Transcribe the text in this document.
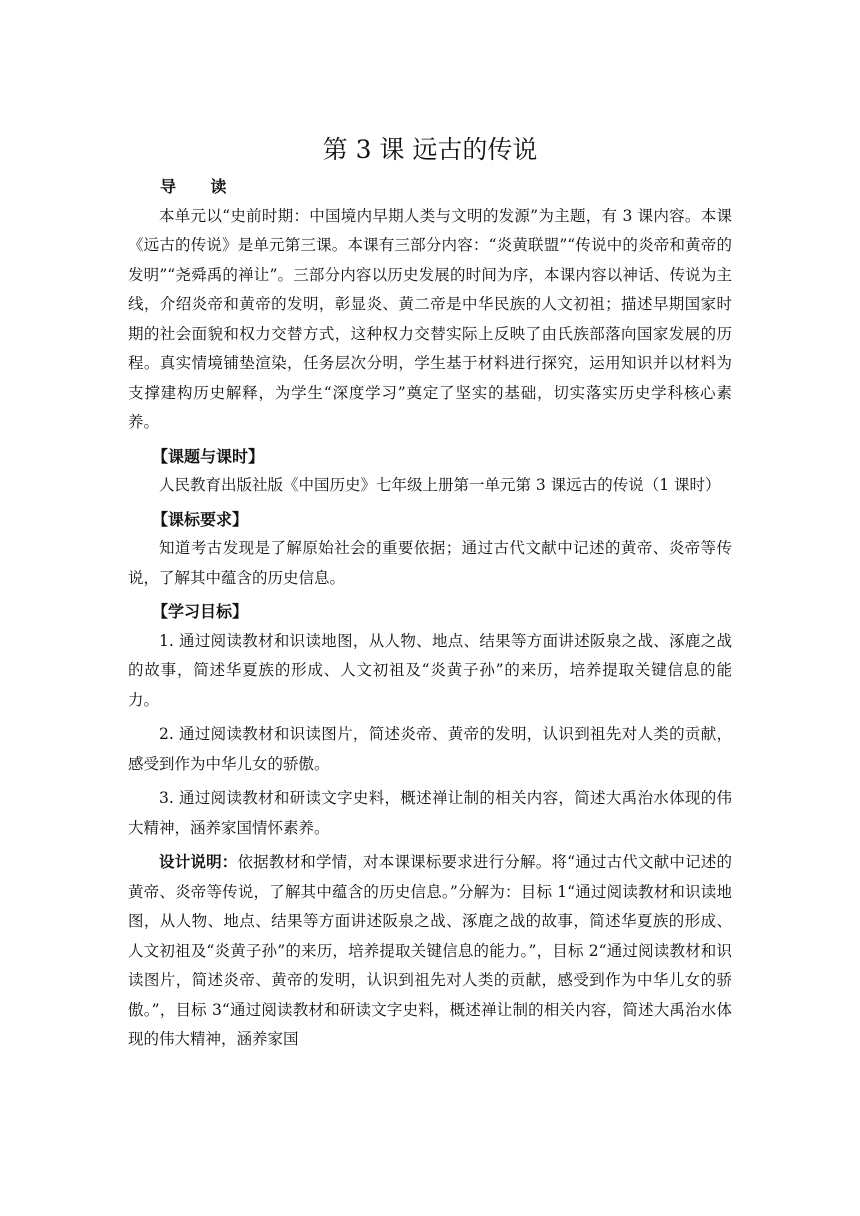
第 3 课 远古的传说
导 读

本单元以“史前时期：中国境内早期人类与文明的发源”为主题，有 3 课内容。本课《远古的传说》是单元第三课。本课有三部分内容：“炎黄联盟”“传说中的炎帝和黄帝的发明”“尧舜禹的禅让”。三部分内容以历史发展的时间为序，本课内容以神话、传说为主线，介绍炎帝和黄帝的发明，彰显炎、黄二帝是中华民族的人文初祖；描述早期国家时期的社会面貌和权力交替方式，这种权力交替实际上反映了由氏族部落向国家发展的历程。真实情境铺垫渲染，任务层次分明，学生基于材料进行探究，运用知识并以材料为支撑建构历史解释，为学生“深度学习”奠定了坚实的基础，切实落实历史学科核心素养。

【课题与课时】

人民教育出版社版《中国历史》七年级上册第一单元第 3 课远古的传说（1 课时）

【课标要求】

知道考古发现是了解原始社会的重要依据；通过古代文献中记述的黄帝、炎帝等传说，了解其中蕴含的历史信息。

【学习目标】

1. 通过阅读教材和识读地图，从人物、地点、结果等方面讲述阪泉之战、涿鹿之战的故事，简述华夏族的形成、人文初祖及“炎黄子孙”的来历，培养提取关键信息的能力。

2. 通过阅读教材和识读图片，简述炎帝、黄帝的发明，认识到祖先对人类的贡献，感受到作为中华儿女的骄傲。

3. 通过阅读教材和研读文字史料，概述禅让制的相关内容，简述大禹治水体现的伟大精神，涵养家国情怀素养。

设计说明：依据教材和学情，对本课课标要求进行分解。将“通过古代文献中记述的黄帝、炎帝等传说，了解其中蕴含的历史信息。”分解为：目标 1“通过阅读教材和识读地图，从人物、地点、结果等方面讲述阪泉之战、涿鹿之战的故事，简述华夏族的形成、人文初祖及“炎黄子孙”的来历，培养提取关键信息的能力。”，目标 2“通过阅读教材和识读图片，简述炎帝、黄帝的发明，认识到祖先对人类的贡献，感受到作为中华儿女的骄傲。”，目标 3“通过阅读教材和研读文字史料，概述禅让制的相关内容，简述大禹治水体现的伟大精神，涵养家国
